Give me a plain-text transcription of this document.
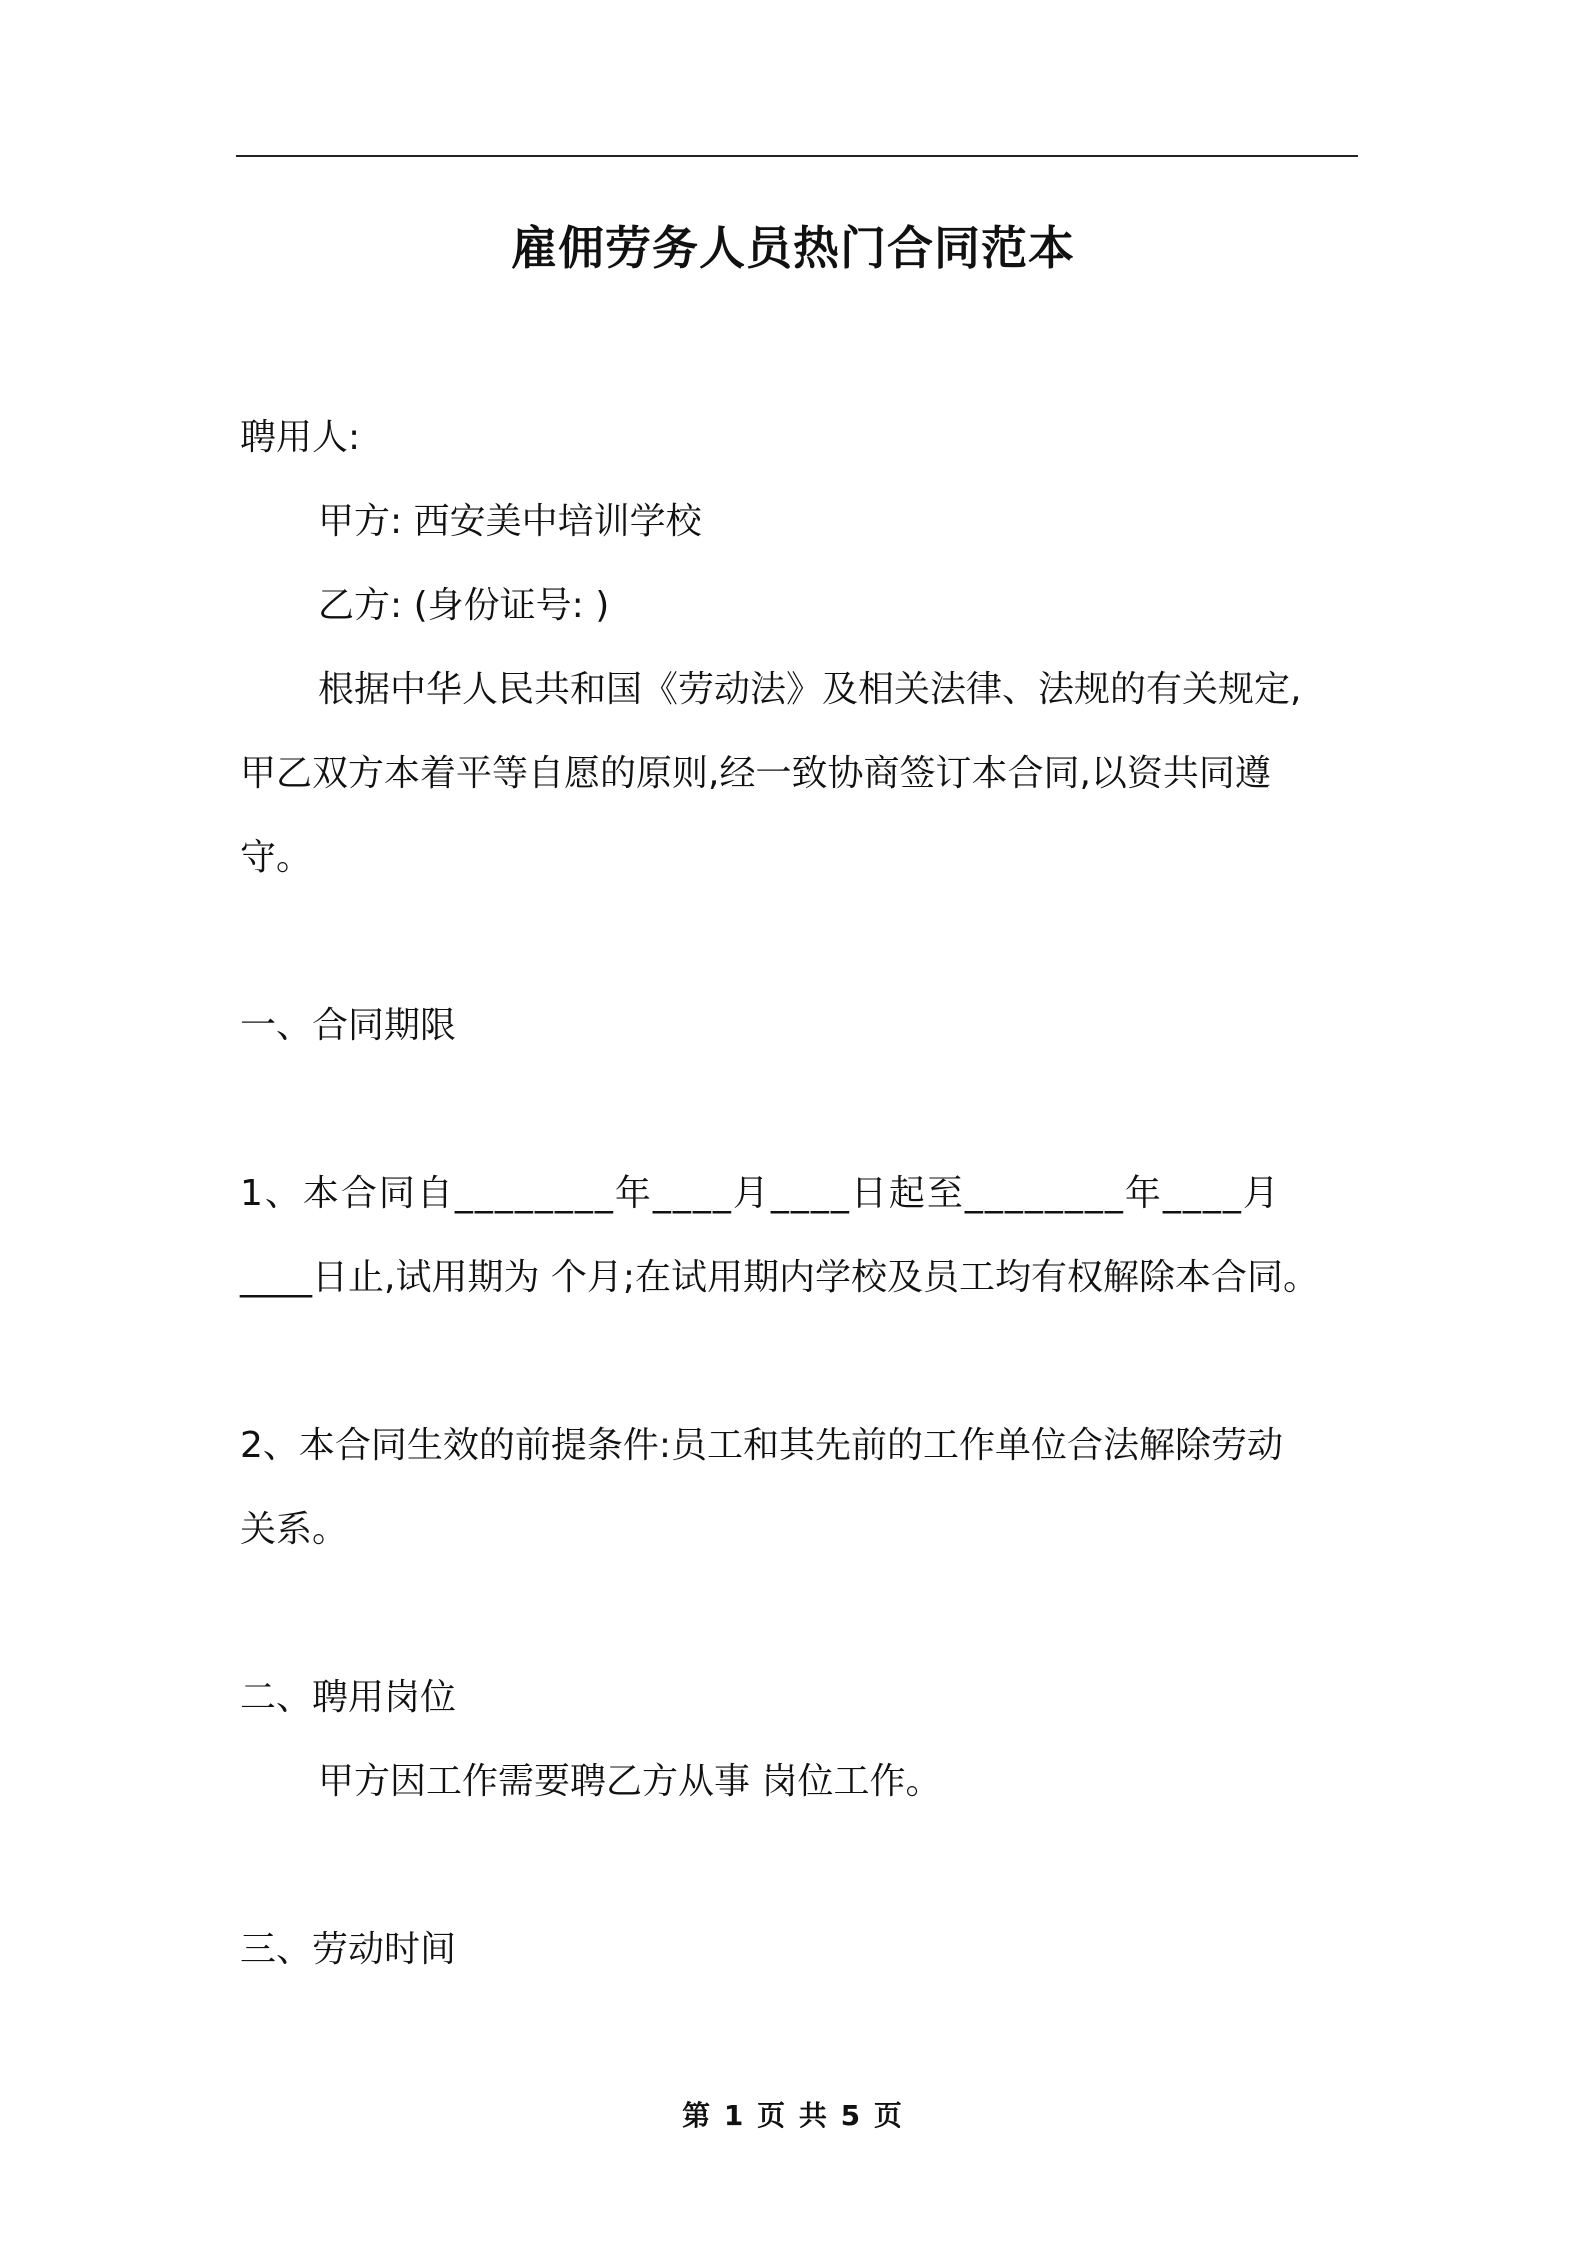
雇佣劳务人员热门合同范本
聘用人:
甲方: 西安美中培训学校
乙方: (身份证号: )
根据中华人民共和国《劳动法》及相关法律、法规的有关规定,
甲乙双方本着平等自愿的原则,经一致协商签订本合同,以资共同遵
守。
一、合同期限
1、本合同自________年____月____日起至________年____月
____日止,试用期为 个月;在试用期内学校及员工均有权解除本合同。
2、本合同生效的前提条件:员工和其先前的工作单位合法解除劳动
关系。
二、聘用岗位
甲方因工作需要聘乙方从事 岗位工作。
三、劳动时间
第 1 页 共 5 页
